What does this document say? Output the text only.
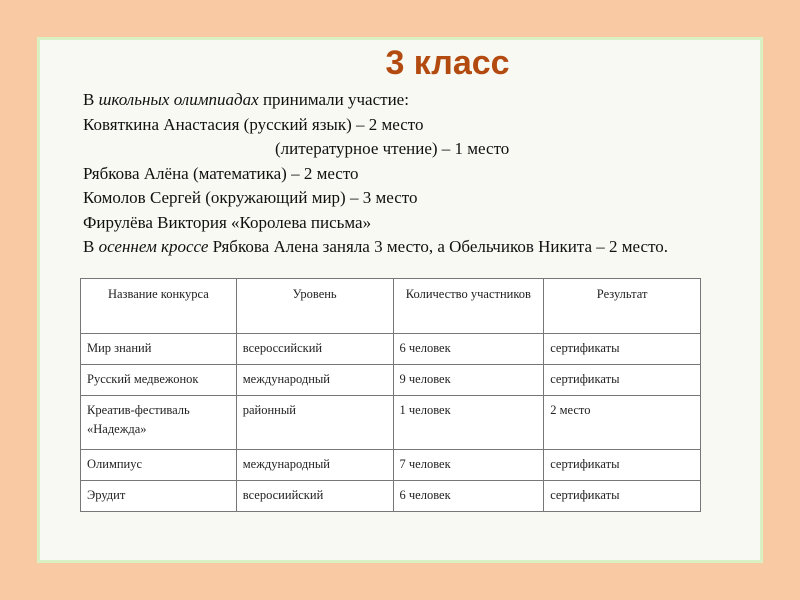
3 класс
В школьных олимпиадах принимали участие:
Ковяткина Анастасия (русский язык) – 2 место
(литературное чтение) – 1 место
Рябкова Алёна (математика) – 2 место
Комолов Сергей (окружающий мир) – 3 место
Фирулёва Виктория «Королева письма»
В осеннем кроссе Рябкова Алена заняла 3 место, а Обельчиков Никита – 2 место.
Название конкурса	Уровень	Количество участников	Результат
Мир знаний	всероссийский	6 человек	сертификаты
Русский медвежонок	международный	9 человек	сертификаты
Креатив-фестиваль «Надежда»	районный	1 человек	2 место
Олимпиус	международный	7 человек	сертификаты
Эрудит	всеросиийский	6 человек	сертификаты
